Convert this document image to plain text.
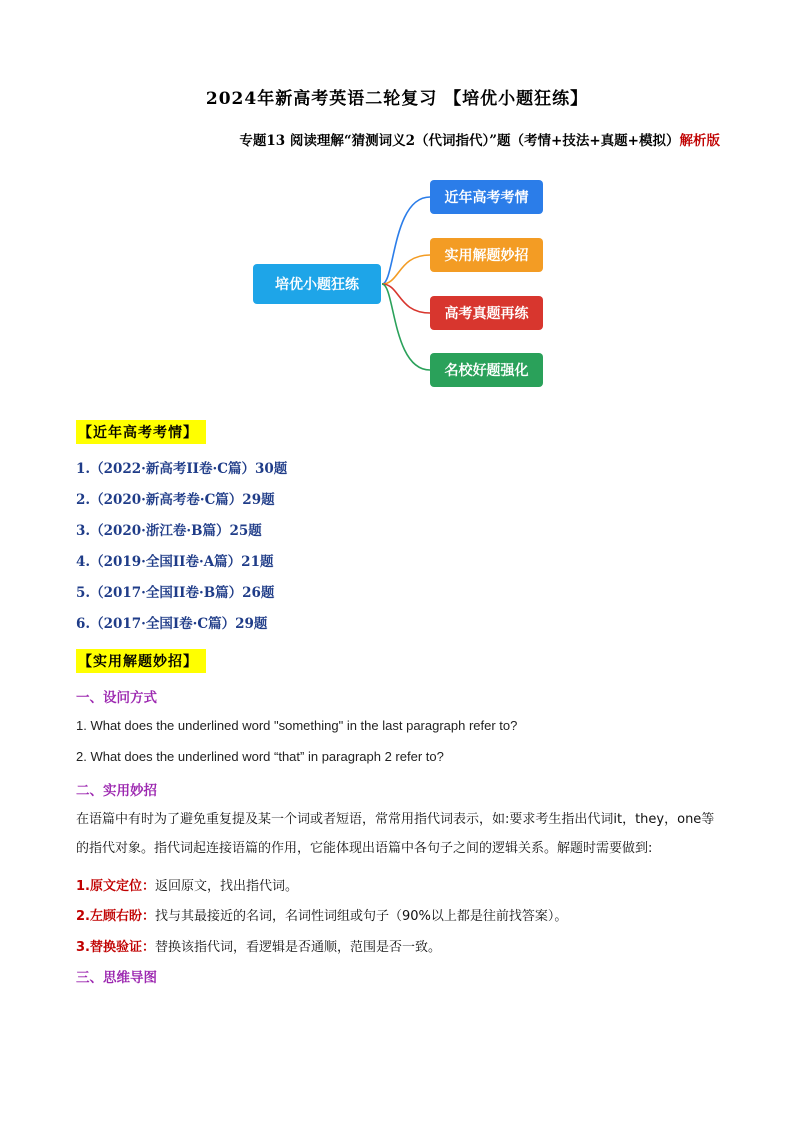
2024年新高考英语二轮复习 【培优小题狂练】
专题13 阅读理解“猜测词义2（代词指代）”题（考情+技法+真题+模拟）解析版
培优小题狂练
近年高考考情
实用解题妙招
高考真题再练
名校好题强化
【近年高考考情】
1.（2022·新高考II卷·C篇）30题
2.（2020·新高考卷·C篇）29题
3.（2020·浙江卷·B篇）25题
4.（2019·全国II卷·A篇）21题
5.（2017·全国II卷·B篇）26题
6.（2017·全国I卷·C篇）29题
【实用解题妙招】
一、设问方式
1. What does the underlined word "something" in the last paragraph refer to?
2. What does the underlined word “that” in paragraph 2 refer to?
二、实用妙招
在语篇中有时为了避免重复提及某一个词或者短语，常常用指代词表示，如:要求考生指出代词it，they，one等的指代对象。指代词起连接语篇的作用，它能体现出语篇中各句子之间的逻辑关系。解题时需要做到:
1.原文定位：返回原文，找出指代词。
2.左顾右盼：找与其最接近的名词，名词性词组或句子（90%以上都是往前找答案）。
3.替换验证：替换该指代词，看逻辑是否通顺，范围是否一致。
三、思维导图
